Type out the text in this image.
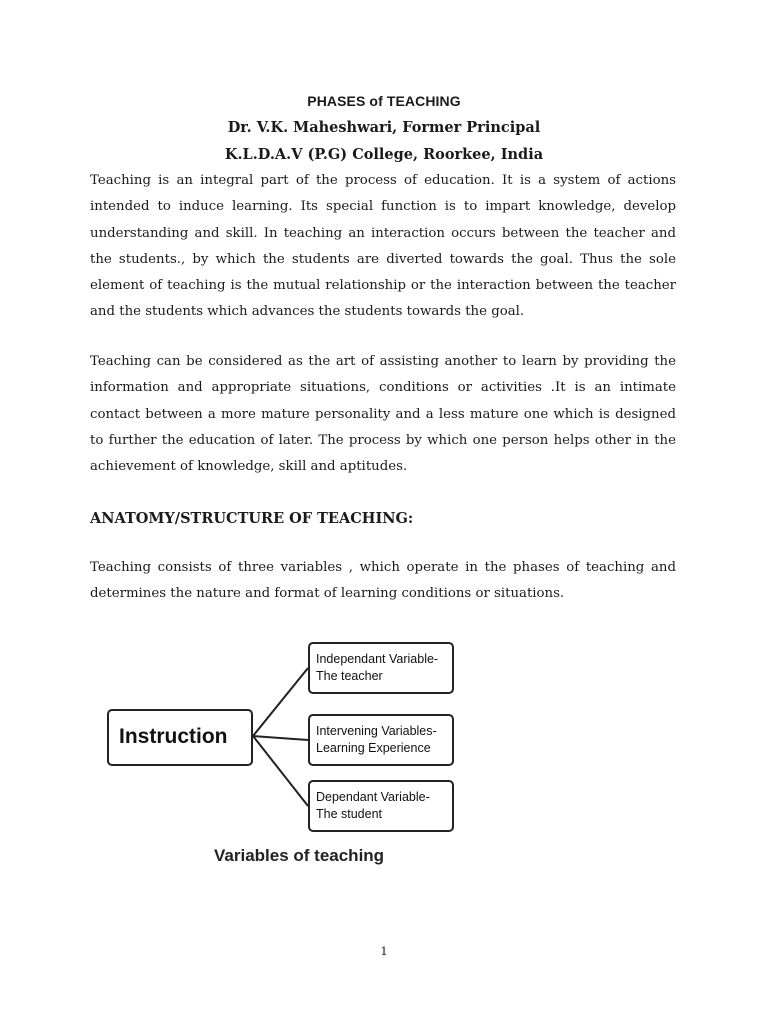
PHASES of TEACHING
Dr. V.K. Maheshwari, Former Principal
K.L.D.A.V (P.G) College, Roorkee, India

Teaching is an integral part of the process of education. It is a system of actions intended to induce learning. Its special function is to impart knowledge, develop understanding and skill. In teaching an interaction occurs between the teacher and the students., by which the students are diverted towards the goal. Thus the sole element of teaching is the mutual relationship or the interaction between the teacher and the students which advances the students towards the goal.

Teaching can be considered as the art of assisting another to learn by providing the information and appropriate situations, conditions or activities .It is an intimate contact between a more mature personality and a less mature one which is designed to further the education of later. The process by which one person helps other in the achievement of knowledge, skill and aptitudes.

ANATOMY/STRUCTURE OF TEACHING:

Teaching consists of three variables , which operate in the phases of teaching and determines the nature and format of learning conditions or situations.

Instruction
Independant Variable-
The teacher
Intervening Variables-
Learning Experience
Dependant Variable-
The student
Variables of teaching
1
